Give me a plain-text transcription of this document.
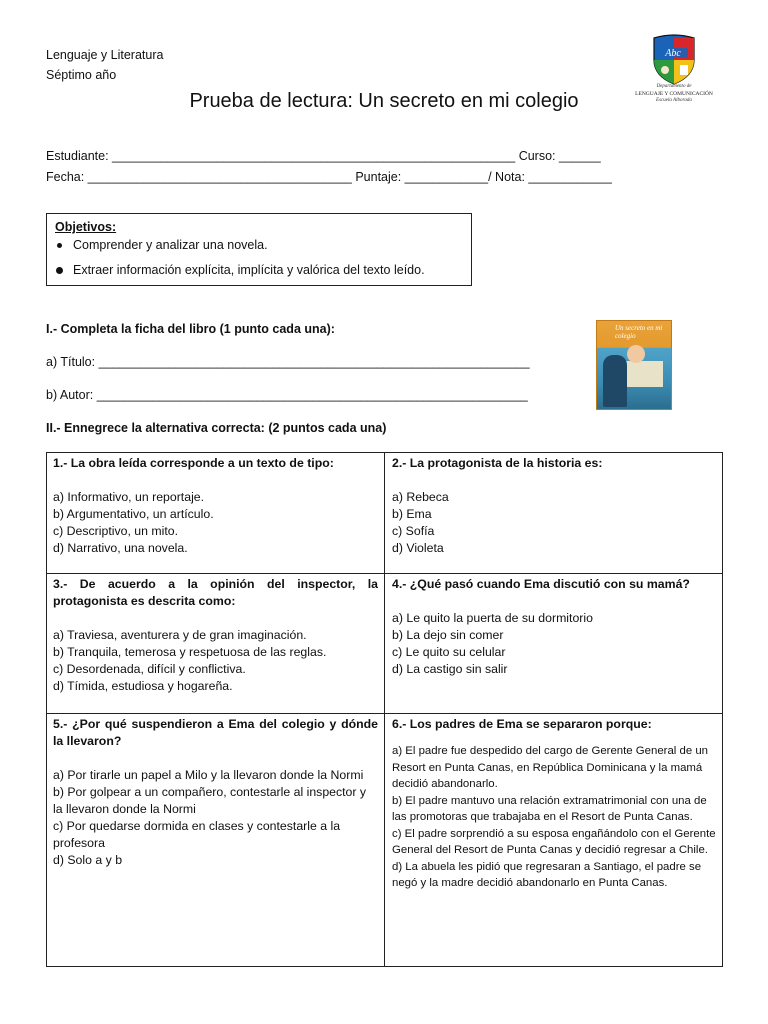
Lenguaje y Literatura
Séptimo año
Prueba de lectura: Un secreto en mi colegio
Abc
Departamento de
LENGUAJE Y COMUNICACIÓN
Escuela Alborada
Estudiante: __________________________________________________________ Curso: ______
Fecha: ______________________________________ Puntaje: ____________/ Nota: ____________
Objetivos:
Comprender y analizar una novela.
Extraer información explícita, implícita y valórica del texto leído.
I.- Completa la ficha del libro (1 punto cada una):
a) Título: ______________________________________________________________
b) Autor: ______________________________________________________________
Un secreto en mi colegio
II.- Ennegrece la alternativa correcta: (2 puntos cada una)
1.- La obra leída corresponde a un texto de tipo:
a) Informativo, un reportaje.
b) Argumentativo, un artículo.
c) Descriptivo, un mito.
d) Narrativo, una novela.
2.- La protagonista de la historia es:
a) Rebeca
b) Ema
c) Sofía
d) Violeta
3.- De acuerdo a la opinión del inspector, la protagonista es descrita como:
a) Traviesa, aventurera y de gran imaginación.
b) Tranquila, temerosa y respetuosa de las reglas.
c) Desordenada, difícil y conflictiva.
d) Tímida, estudiosa y hogareña.
4.- ¿Qué pasó cuando Ema discutió con su mamá?
a) Le quito la puerta de su dormitorio
b) La dejo sin comer
c) Le quito su celular
d) La castigo sin salir
5.- ¿Por qué suspendieron a Ema del colegio y dónde la llevaron?
a) Por tirarle un papel a Milo y la llevaron donde la Normi
b) Por golpear a un compañero, contestarle al inspector y la llevaron donde la Normi
c) Por quedarse dormida en clases y contestarle a la profesora
d) Solo a y b
6.- Los padres de Ema se separaron porque:
a) El padre fue despedido del cargo de Gerente General de un Resort en Punta Canas, en República Dominicana y la mamá decidió abandonarlo.
b) El padre mantuvo una relación extramatrimonial con una de las promotoras que trabajaba en el Resort de Punta Canas.
c) El padre sorprendió a su esposa engañándolo con el Gerente General del Resort de Punta Canas y decidió regresar a Chile.
d) La abuela les pidió que regresaran a Santiago, el padre se negó y la madre decidió abandonarlo en Punta Canas.
